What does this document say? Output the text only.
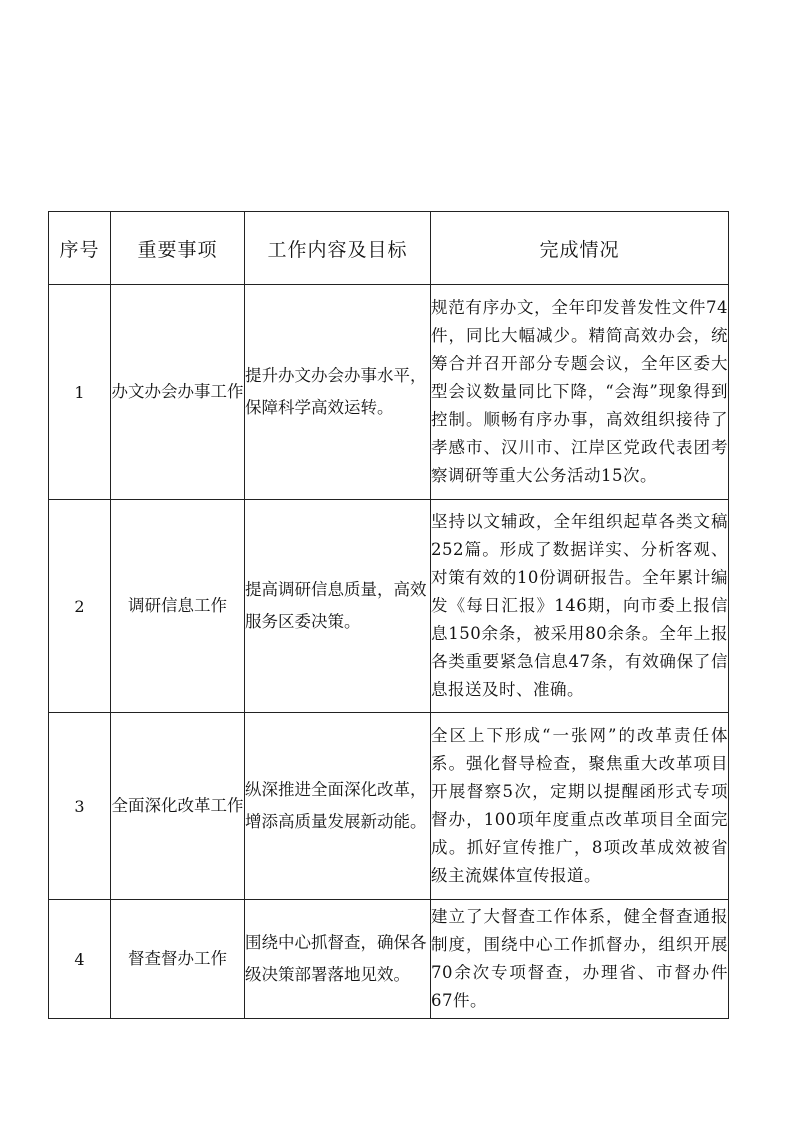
序号	重要事项	工作内容及目标	完成情况
1	办文办会办事工作	提升办文办会办事水平，保障科学高效运转。	规范有序办文，全年印发普发性文件74件，同比大幅减少。精简高效办会，统筹合并召开部分专题会议，全年区委大型会议数量同比下降，“会海”现象得到控制。顺畅有序办事，高效组织接待了孝感市、汉川市、江岸区党政代表团考察调研等重大公务活动15次。
2	调研信息工作	提高调研信息质量，高效服务区委决策。	坚持以文辅政，全年组织起草各类文稿252篇。形成了数据详实、分析客观、对策有效的10份调研报告。全年累计编发《每日汇报》146期，向市委上报信息150余条，被采用80余条。全年上报各类重要紧急信息47条，有效确保了信息报送及时、准确。
3	全面深化改革工作	纵深推进全面深化改革，增添高质量发展新动能。	全区上下形成“一张网”的改革责任体系。强化督导检查，聚焦重大改革项目开展督察5次，定期以提醒函形式专项督办，100项年度重点改革项目全面完成。抓好宣传推广，8项改革成效被省级主流媒体宣传报道。
4	督查督办工作	围绕中心抓督查，确保各级决策部署落地见效。	建立了大督查工作体系，健全督查通报制度，围绕中心工作抓督办，组织开展70余次专项督查，办理省、市督办件67件。
